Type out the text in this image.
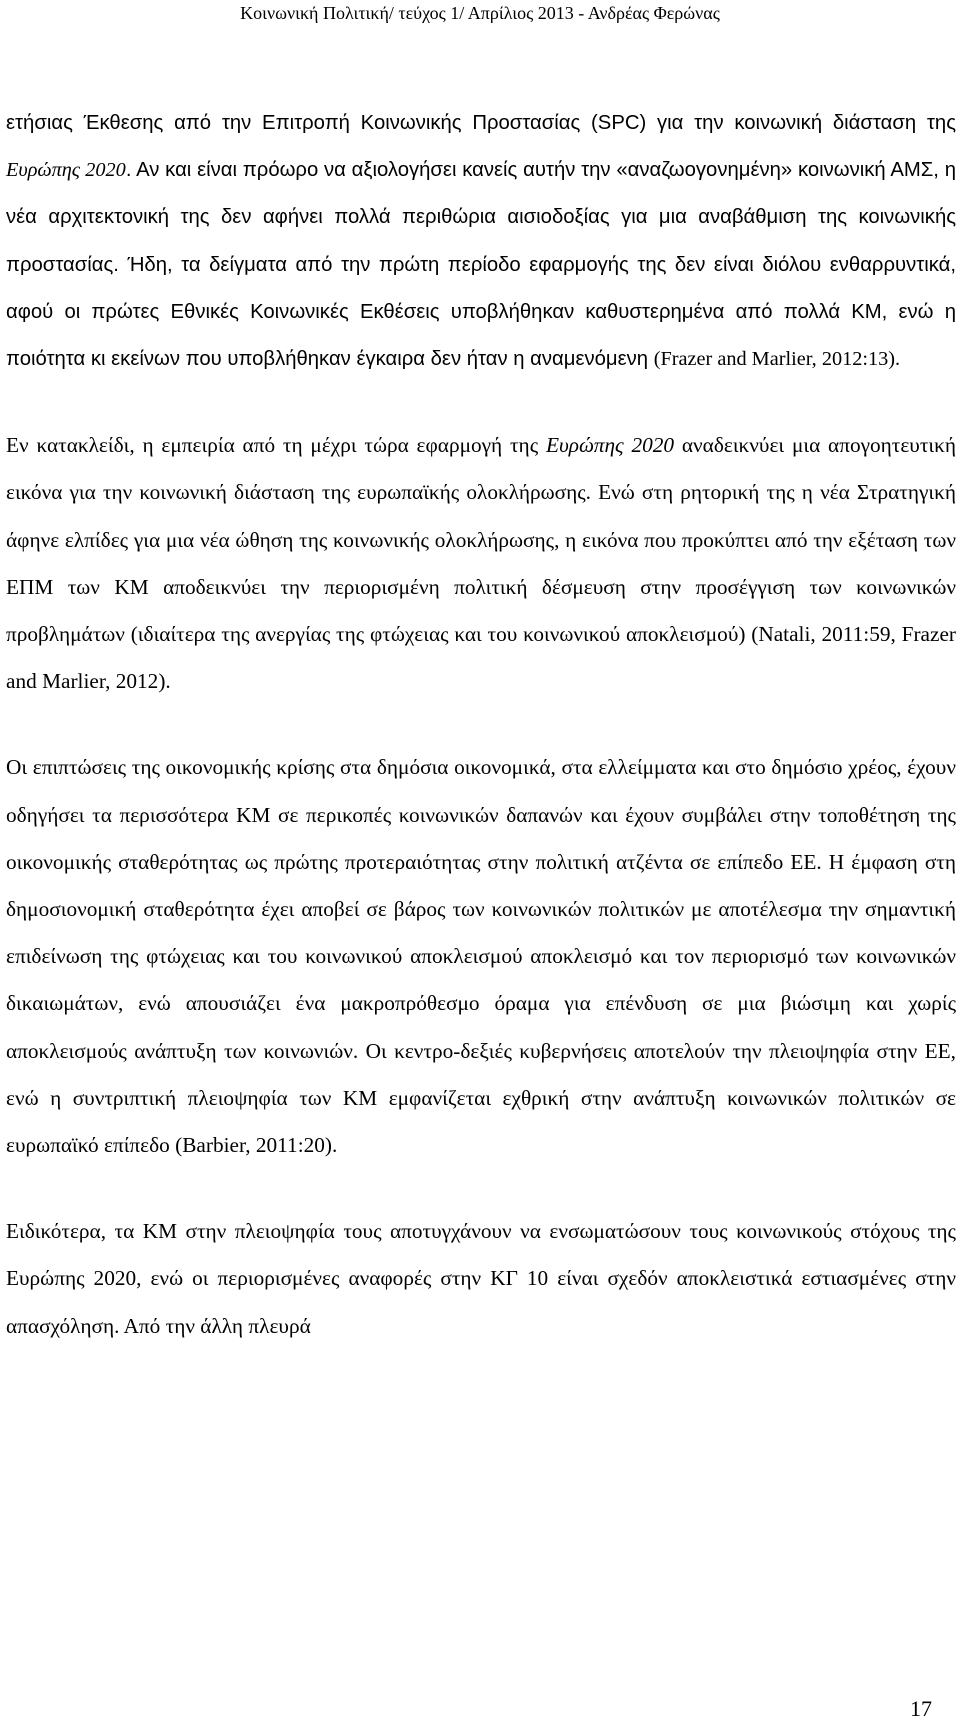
Κοινωνική Πολιτική/ τεύχος 1/ Απρίλιος 2013 - Ανδρέας Φερώνας

ετήσιας Έκθεσης από την Επιτροπή Κοινωνικής Προστασίας (SPC) για την κοινωνική διάσταση της Ευρώπης 2020. Αν και είναι πρόωρο να αξιολογήσει κανείς αυτήν την «αναζωογονημένη» κοινωνική ΑΜΣ, η νέα αρχιτεκτονική της δεν αφήνει πολλά περιθώρια αισιοδοξίας για μια αναβάθμιση της κοινωνικής προστασίας. Ήδη, τα δείγματα από την πρώτη περίοδο εφαρμογής της δεν είναι διόλου ενθαρρυντικά, αφού οι πρώτες Εθνικές Κοινωνικές Εκθέσεις υποβλήθηκαν καθυστερημένα από πολλά ΚΜ, ενώ η ποιότητα κι εκείνων που υποβλήθηκαν έγκαιρα δεν ήταν η αναμενόμενη (Frazer and Marlier, 2012:13).

Εν κατακλείδι, η εμπειρία από τη μέχρι τώρα εφαρμογή της Ευρώπης 2020 αναδεικνύει μια απογοητευτική εικόνα για την κοινωνική διάσταση της ευρωπαϊκής ολοκλήρωσης. Ενώ στη ρητορική της η νέα Στρατηγική άφηνε ελπίδες για μια νέα ώθηση της κοινωνικής ολοκλήρωσης, η εικόνα που προκύπτει από την εξέταση των ΕΠΜ των ΚΜ αποδεικνύει την περιορισμένη πολιτική δέσμευση στην προσέγγιση των κοινωνικών προβλημάτων (ιδιαίτερα της ανεργίας της φτώχειας και του κοινωνικού αποκλεισμού) (Natali, 2011:59, Frazer and Marlier, 2012).

Οι επιπτώσεις της οικονομικής κρίσης στα δημόσια οικονομικά, στα ελλείμματα και στο δημόσιο χρέος, έχουν οδηγήσει τα περισσότερα ΚΜ σε περικοπές κοινωνικών δαπανών και έχουν συμβάλει στην τοποθέτηση της οικονομικής σταθερότητας ως πρώτης προτεραιότητας στην πολιτική ατζέντα σε επίπεδο ΕΕ. Η έμφαση στη δημοσιονομική σταθερότητα έχει αποβεί σε βάρος των κοινωνικών πολιτικών με αποτέλεσμα την σημαντική επιδείνωση της φτώχειας και του κοινωνικού αποκλεισμού αποκλεισμό και τον περιορισμό των κοινωνικών δικαιωμάτων, ενώ απουσιάζει ένα μακροπρόθεσμο όραμα για επένδυση σε μια βιώσιμη και χωρίς αποκλεισμούς ανάπτυξη των κοινωνιών. Οι κεντρο-δεξιές κυβερνήσεις αποτελούν την πλειοψηφία στην ΕΕ, ενώ η συντριπτική πλειοψηφία των ΚΜ εμφανίζεται εχθρική στην ανάπτυξη κοινωνικών πολιτικών σε ευρωπαϊκό επίπεδο (Barbier, 2011:20).

Ειδικότερα, τα ΚΜ στην πλειοψηφία τους αποτυγχάνουν να ενσωματώσουν τους κοινωνικούς στόχους της Ευρώπης 2020, ενώ οι περιορισμένες αναφορές στην ΚΓ 10 είναι σχεδόν αποκλειστικά εστιασμένες στην απασχόληση. Από την άλλη πλευρά

17
